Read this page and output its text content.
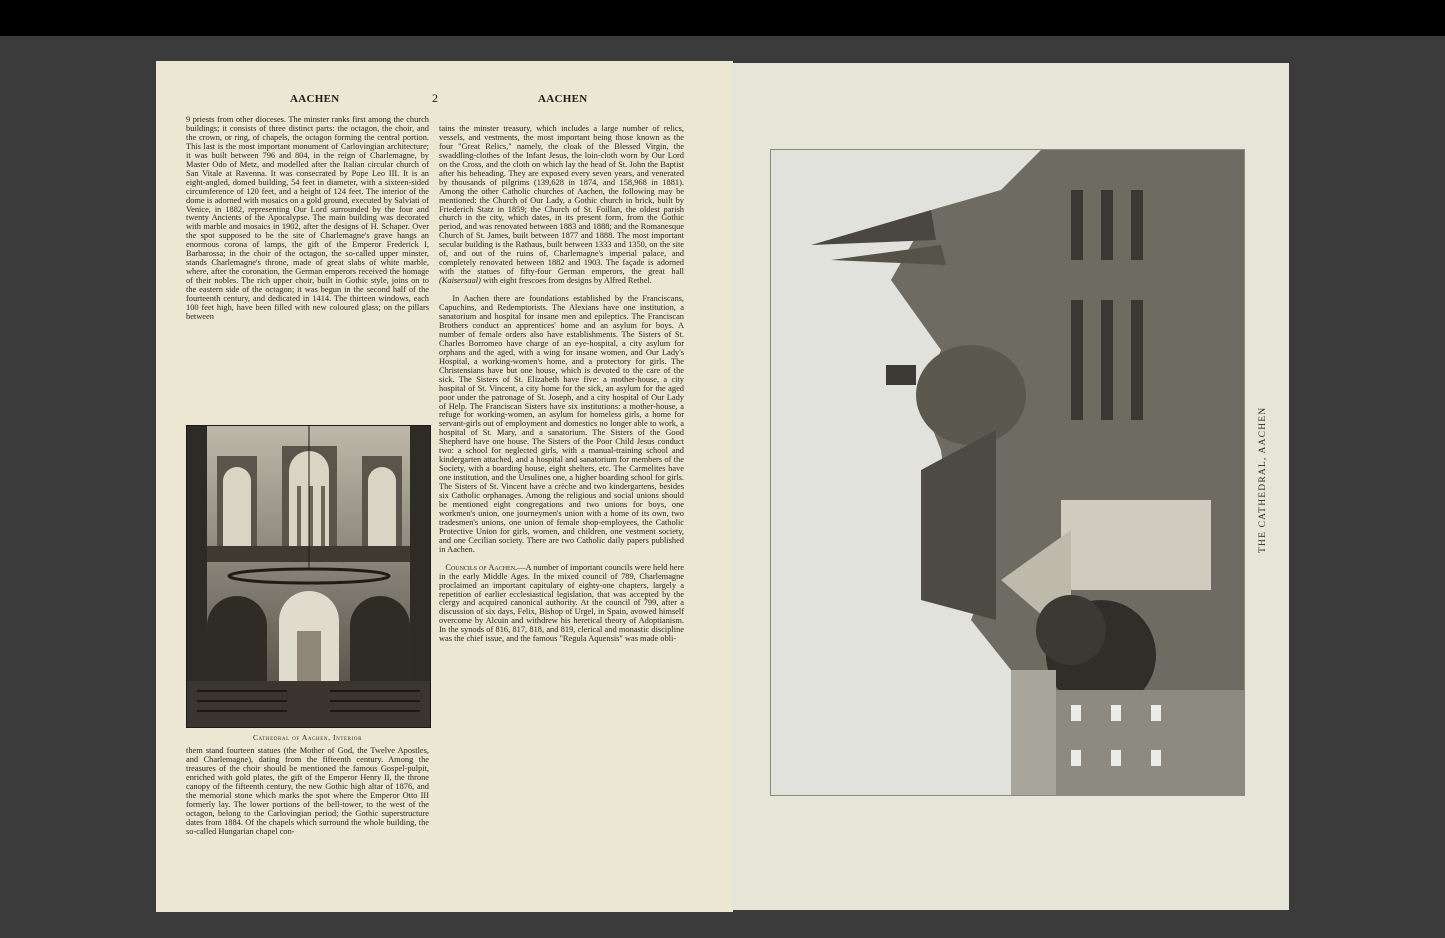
AACHEN	2	AACHEN

9 priests from other dioceses. The minster ranks first among the church buildings; it consists of three distinct parts: the octagon, the choir, and the crown, or ring, of chapels, the octagon forming the central portion. This last is the most important monument of Carlovingian architecture; it was built between 796 and 804, in the reign of Charlemagne, by Master Odo of Metz, and modelled after the Italian circular church of San Vitale at Ravenna. It was consecrated by Pope Leo III. It is an eight-angled, domed building, 54 feet in diameter, with a sixteen-sided circumference of 120 feet, and a height of 124 feet. The interior of the dome is adorned with mosaics on a gold ground, executed by Salviati of Venice, in 1882, representing Our Lord surrounded by the four and twenty Ancients of the Apocalypse. The main building was decorated with marble and mosaics in 1902, after the designs of H. Schaper. Over the spot supposed to be the site of Charlemagne's grave hangs an enormous corona of lamps, the gift of the Emperor Frederick I, Barbarossa; in the choir of the octagon, the so-called upper minster, stands Charlemagne's throne, made of great slabs of white marble, where, after the coronation, the German emperors received the homage of their nobles. The rich upper choir, built in Gothic style, joins on to the eastern side of the octagon; it was begun in the second half of the fourteenth century, and dedicated in 1414. The thirteen windows, each 100 feet high, have been filled with new coloured glass; on the pillars between

Cathedral of Aachen, Interior

them stand fourteen statues (the Mother of God, the Twelve Apostles, and Charlemagne), dating from the fifteenth century. Among the treasures of the choir should be mentioned the famous Gospel-pulpit, enriched with gold plates, the gift of the Emperor Henry II, the throne canopy of the fifteenth century, the new Gothic high altar of 1876, and the memorial stone which marks the spot where the Emperor Otto III formerly lay. The lower portions of the bell-tower, to the west of the octagon, belong to the Carlovingian period; the Gothic superstructure dates from 1884. Of the chapels which surround the whole building, the so-called Hungarian chapel con-

tains the minster treasury, which includes a large number of relics, vessels, and vestments, the most important being those known as the four "Great Relics," namely, the cloak of the Blessed Virgin, the swaddling-clothes of the Infant Jesus, the loin-cloth worn by Our Lord on the Cross, and the cloth on which lay the head of St. John the Baptist after his beheading. They are exposed every seven years, and venerated by thousands of pilgrims (139,628 in 1874, and 158,968 in 1881). Among the other Catholic churches of Aachen, the following may be mentioned: the Church of Our Lady, a Gothic church in brick, built by Friederich Statz in 1859; the Church of St. Foillan, the oldest parish church in the city, which dates, in its present form, from the Gothic period, and was renovated between 1883 and 1888; and the Romanesque Church of St. James, built between 1877 and 1888. The most important secular building is the Rathaus, built between 1333 and 1350, on the site of, and out of the ruins of, Charlemagne's imperial palace, and completely renovated between 1882 and 1903. The façade is adorned with the statues of fifty-four German emperors, the great hall (Kaisersaal) with eight frescoes from designs by Alfred Rethel.

In Aachen there are foundations established by the Franciscans, Capuchins, and Redemptorists. The Alexians have one institution, a sanatorium and hospital for insane men and epileptics. The Franciscan Brothers conduct an apprentices' home and an asylum for boys. A number of female orders also have establishments. The Sisters of St. Charles Borromeo have charge of an eye-hospital, a city asylum for orphans and the aged, with a wing for insane women, and Our Lady's Hospital, a working-women's home, and a protectory for girls. The Christensians have but one house, which is devoted to the care of the sick. The Sisters of St. Elizabeth have five: a mother-house, a city hospital of St. Vincent, a city home for the sick, an asylum for the aged poor under the patronage of St. Joseph, and a city hospital of Our Lady of Help. The Franciscan Sisters have six institutions: a mother-house, a refuge for working-women, an asylum for homeless girls, a home for servant-girls out of employment and domestics no longer able to work, a hospital of St. Mary, and a sanatorium. The Sisters of the Good Shepherd have one house. The Sisters of the Poor Child Jesus conduct two: a school for neglected girls, with a manual-training school and kindergarten attached, and a hospital and sanatorium for members of the Society, with a boarding house, eight shelters, etc. The Carmelites have one institution, and the Ursulines one, a higher boarding school for girls. The Sisters of St. Vincent have a crèche and two kindergartens, besides six Catholic orphanages. Among the religious and social unions should be mentioned eight congregations and two unions for boys, one workmen's union, one journeymen's union with a home of its own, two tradesmen's unions, one union of female shop-employees, the Catholic Protective Union for girls, women, and children, one vestment society, and one Cecilian society. There are two Catholic daily papers published in Aachen.

Councils of Aachen.—A number of important councils were held here in the early Middle Ages. In the mixed council of 789, Charlemagne proclaimed an important capitulary of eighty-one chapters, largely a repetition of earlier ecclesiastical legislation, that was accepted by the clergy and acquired canonical authority. At the council of 799, after a discussion of six days, Felix, Bishop of Urgel, in Spain, avowed himself overcome by Alcuin and withdrew his heretical theory of Adoptianism. In the synods of 816, 817, 818, and 819, clerical and monastic discipline was the chief issue, and the famous "Regula Aquensis" was made obli-

THE CATHEDRAL, AACHEN
